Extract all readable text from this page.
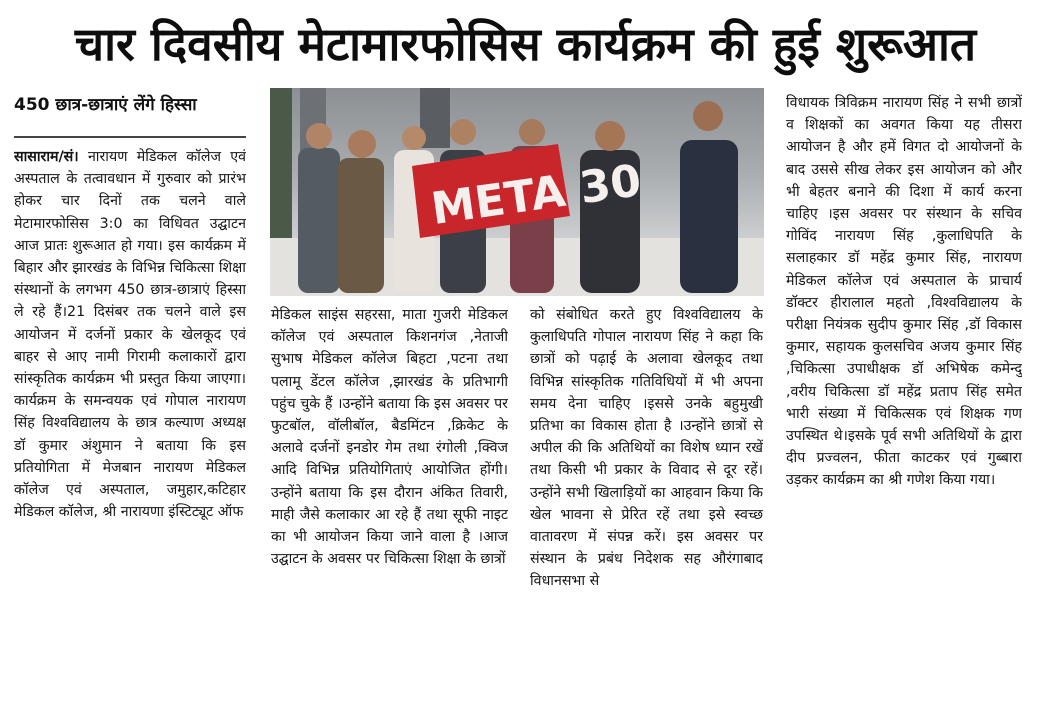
चार दिवसीय मेटामारफोसिस कार्यक्रम की हुई शुरूआत
450 छात्र-छात्राएं लेंगे हिस्सा
सासाराम/सं। नारायण मेडिकल कॉलेज एवं अस्पताल के तत्वावधान में गुरुवार को प्रारंभ होकर चार दिनों तक चलने वाले मेटामारफोसिस 3:0 का विधिवत उद्घाटन आज प्रातः शुरूआत हो गया। इस कार्यक्रम में बिहार और झारखंड के विभिन्न चिकित्सा शिक्षा संस्थानों के लगभग 450 छात्र-छात्राएं हिस्सा ले रहे हैं।21 दिसंबर तक चलने वाले इस आयोजन में दर्जनों प्रकार के खेलकूद एवं बाहर से आए नामी गिरामी कलाकारों द्वारा सांस्कृतिक कार्यक्रम भी प्रस्तुत किया जाएगा।कार्यक्रम के समन्वयक एवं गोपाल नारायण सिंह विश्वविद्यालय के छात्र कल्याण अध्यक्ष डॉ कुमार अंशुमान ने बताया कि इस प्रतियोगिता में मेजबान नारायण मेडिकल कॉलेज एवं अस्पताल, जमुहार,कटिहार मेडिकल कॉलेज, श्री नारायणा इंस्टिट्यूट ऑफ
META 30
मेडिकल साइंस सहरसा, माता गुजरी मेडिकल कॉलेज एवं अस्पताल किशनगंज ,नेताजी सुभाष मेडिकल कॉलेज बिहटा ,पटना तथा पलामू डेंटल कॉलेज ,झारखंड के प्रतिभागी पहुंच चुके हैं ।उन्होंने बताया कि इस अवसर पर फुटबॉल, वॉलीबॉल, बैडमिंटन ,क्रिकेट के अलावे दर्जनों इनडोर गेम तथा रंगोली ,क्विज आदि विभिन्न प्रतियोगिताएं आयोजित होंगी। उन्होंने बताया कि इस दौरान अंकित तिवारी, माही जैसे कलाकार आ रहे हैं तथा सूफी नाइट का भी आयोजन किया जाने वाला है ।आज उद्घाटन के अवसर पर चिकित्सा शिक्षा के छात्रों
को संबोधित करते हुए विश्वविद्यालय के कुलाधिपति गोपाल नारायण सिंह ने कहा कि छात्रों को पढ़ाई के अलावा खेलकूद तथा विभिन्न सांस्कृतिक गतिविधियों में भी अपना समय देना चाहिए ।इससे उनके बहुमुखी प्रतिभा का विकास होता है ।उन्होंने छात्रों से अपील की कि अतिथियों का विशेष ध्यान रखें तथा किसी भी प्रकार के विवाद से दूर रहें। उन्होंने सभी खिलाड़ियों का आहवान किया कि खेल भावना से प्रेरित रहें तथा इसे स्वच्छ वातावरण में संपन्न करें। इस अवसर पर संस्थान के प्रबंध निदेशक सह औरंगाबाद विधानसभा से
विधायक त्रिविक्रम नारायण सिंह ने सभी छात्रों व शिक्षकों का अवगत किया यह तीसरा आयोजन है और हमें विगत दो आयोजनों के बाद उससे सीख लेकर इस आयोजन को और भी बेहतर बनाने की दिशा में कार्य करना चाहिए ।इस अवसर पर संस्थान के सचिव गोविंद नारायण सिंह ,कुलाधिपति के सलाहकार डॉ महेंद्र कुमार सिंह, नारायण मेडिकल कॉलेज एवं अस्पताल के प्राचार्य डॉक्टर हीरालाल महतो ,विश्वविद्यालय के परीक्षा नियंत्रक सुदीप कुमार सिंह ,डॉ विकास कुमार, सहायक कुलसचिव अजय कुमार सिंह ,चिकित्सा उपाधीक्षक डॉ अभिषेक कमेन्दु ,वरीय चिकित्सा डॉ महेंद्र प्रताप सिंह समेत भारी संख्या में चिकित्सक एवं शिक्षक गण उपस्थित थे।इसके पूर्व सभी अतिथियों के द्वारा दीप प्रज्वलन, फीता काटकर एवं गुब्बारा उड़कर कार्यक्रम का श्री गणेश किया गया।
